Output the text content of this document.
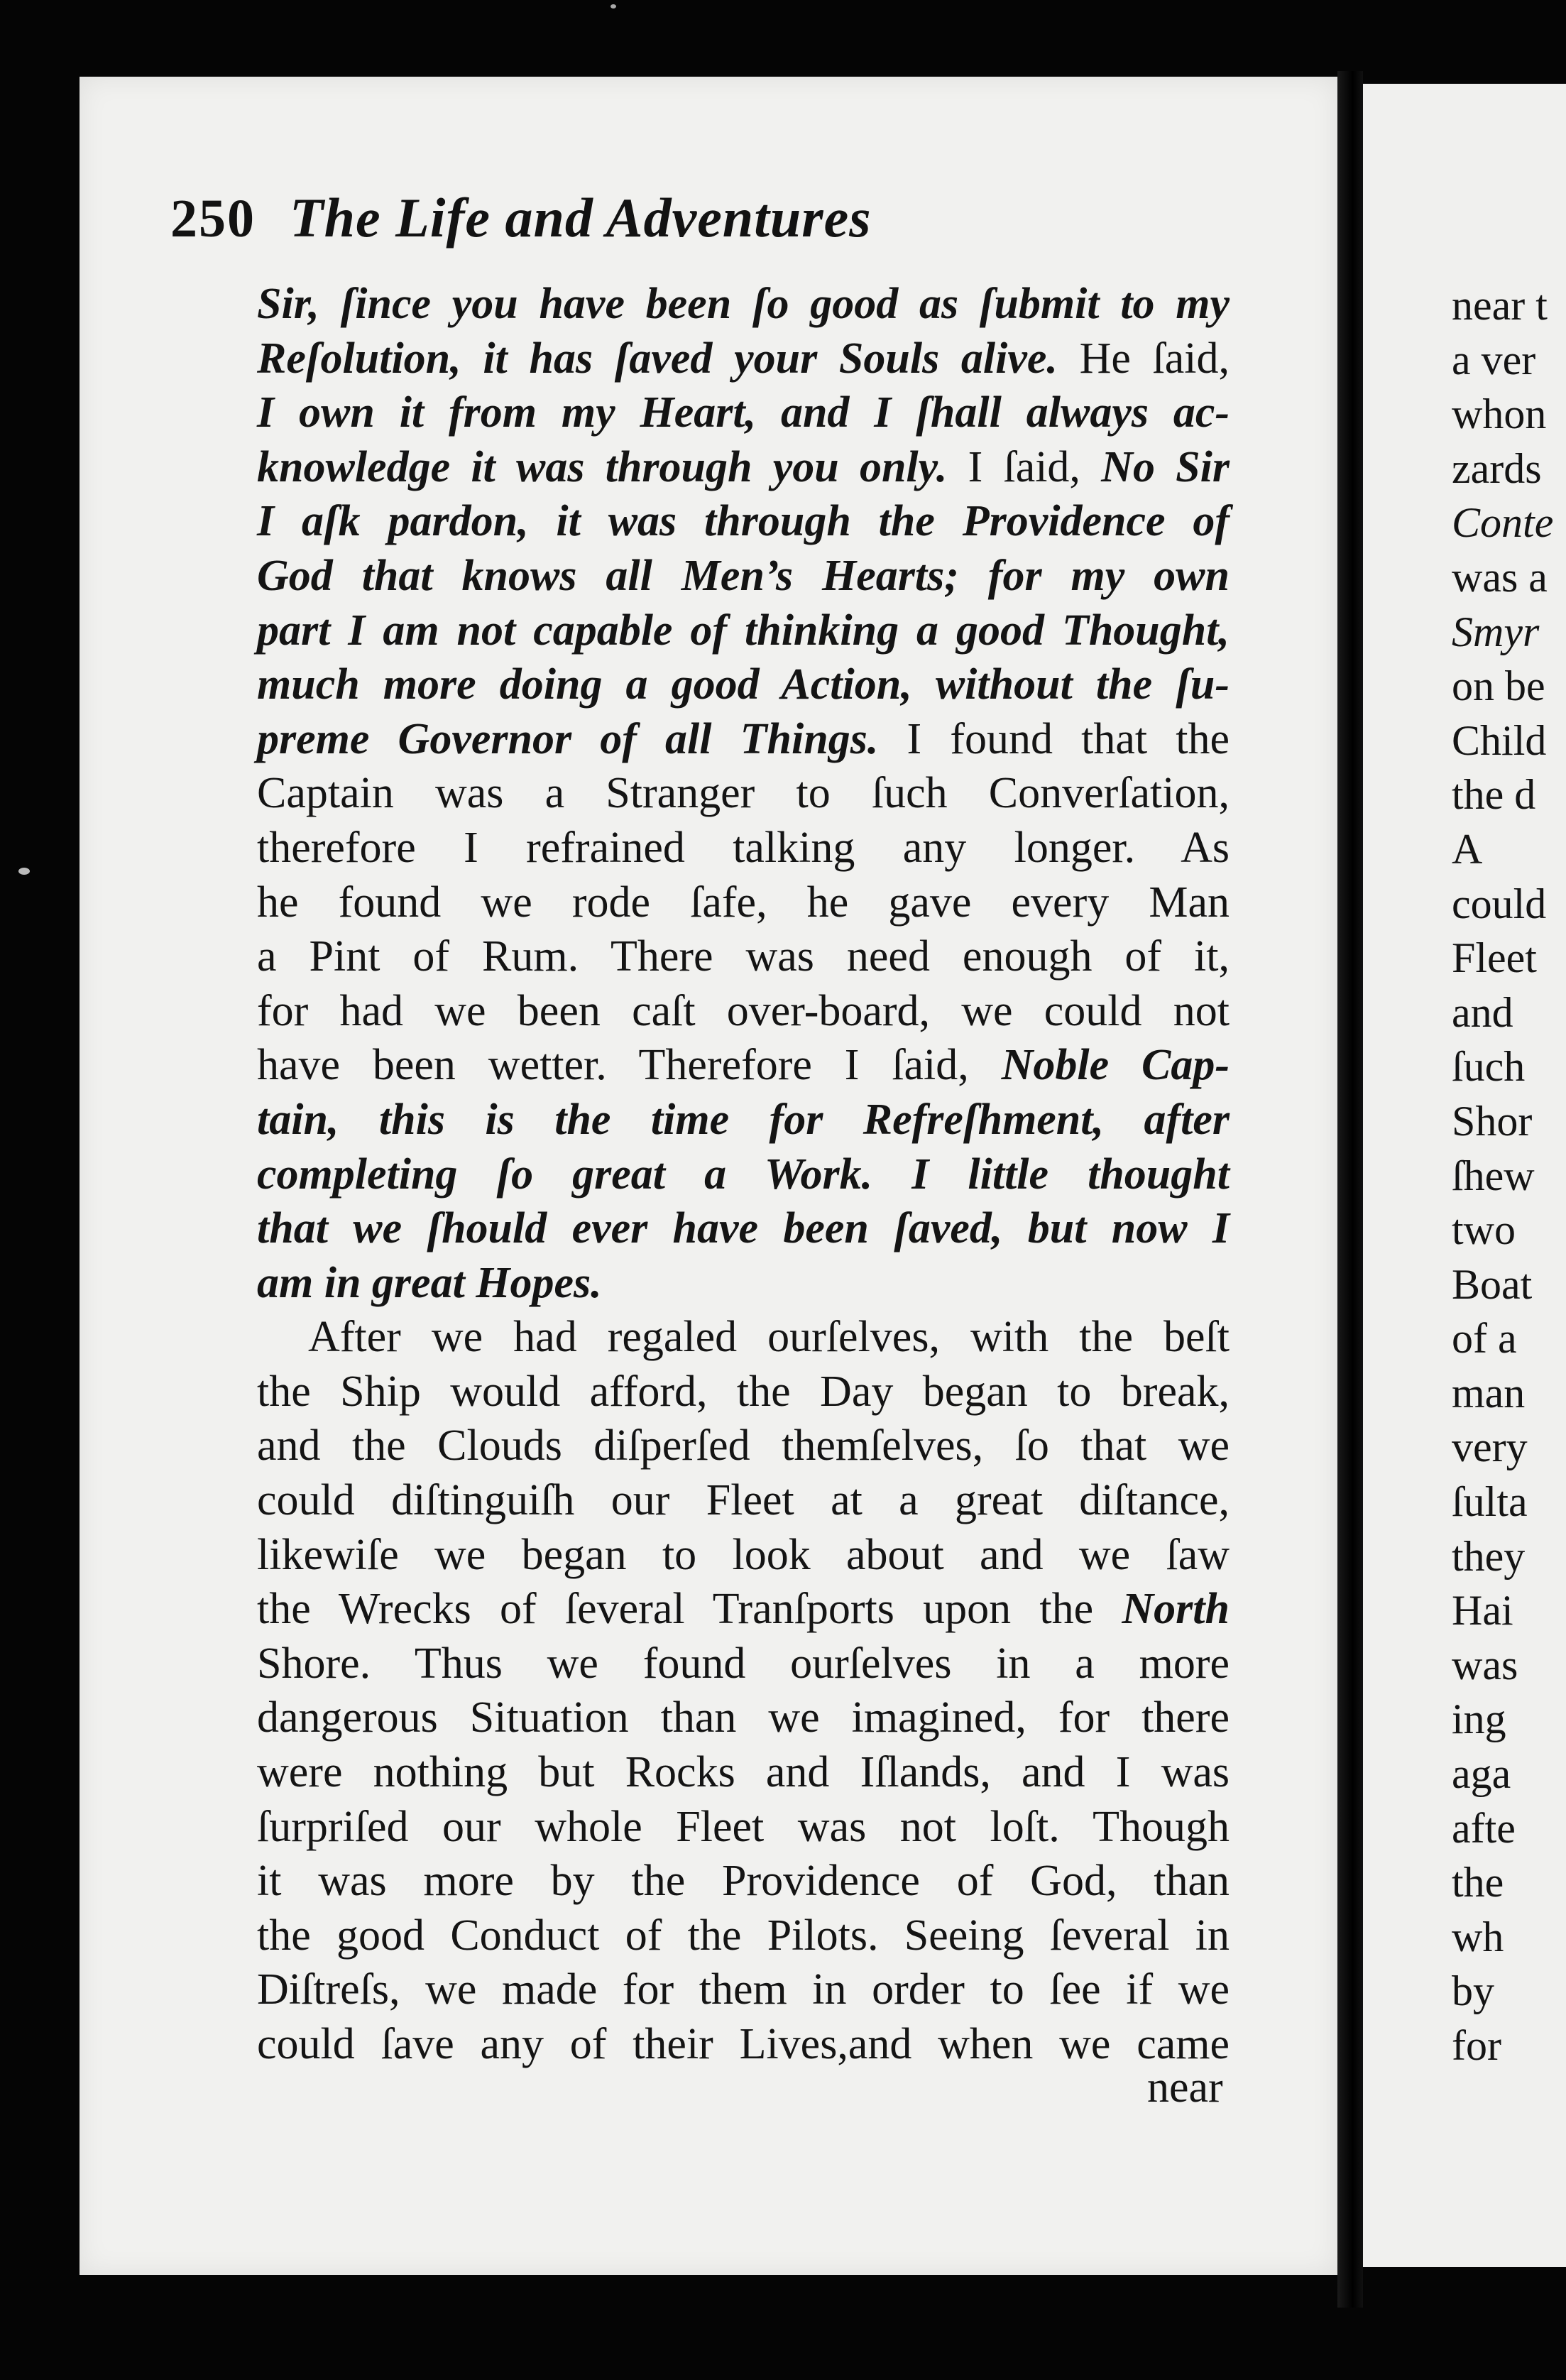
250 The Life and Adventures
Sir, ſince you have been ſo good as ſubmit to my
Reſolution, it has ſaved your Souls alive. He ſaid,
I own it from my Heart, and I ſhall always ac-
knowledge it was through you only. I ſaid, No Sir
I aſk pardon, it was through the Providence of
God that knows all Men’s Hearts; for my own
part I am not capable of thinking a good Thought,
much more doing a good Action, without the ſu-
preme Governor of all Things. I found that the
Captain was a Stranger to ſuch Converſation,
therefore I refrained talking any longer. As
he found we rode ſafe, he gave every Man
a Pint of Rum. There was need enough of it,
for had we been caſt over-board, we could not
have been wetter. Therefore I ſaid, Noble Cap-
tain, this is the time for Refreſhment, after
completing ſo great a Work. I little thought
that we ſhould ever have been ſaved, but now I
am in great Hopes.
After we had regaled ourſelves, with the beſt
the Ship would afford, the Day began to break,
and the Clouds diſperſed themſelves, ſo that we
could diſtinguiſh our Fleet at a great diſtance,
likewiſe we began to look about and we ſaw
the Wrecks of ſeveral Tranſports upon the North
Shore. Thus we found ourſelves in a more
dangerous Situation than we imagined, for there
were nothing but Rocks and Iſlands, and I was
ſurpriſed our whole Fleet was not loſt. Though
it was more by the Providence of God, than
the good Conduct of the Pilots. Seeing ſeveral in
Diſtreſs, we made for them in order to ſee if we
could ſave any of their Lives,and when we came
near
near t
a ver
whon
zards
Conte
was a
Smyr
on be
Child
the d
A
could
Fleet
and
ſuch
Shor
ſhew
two
Boat
of a
man
very
ſulta
they
Hai
was
ing
aga
afte
the
wh
by
for
